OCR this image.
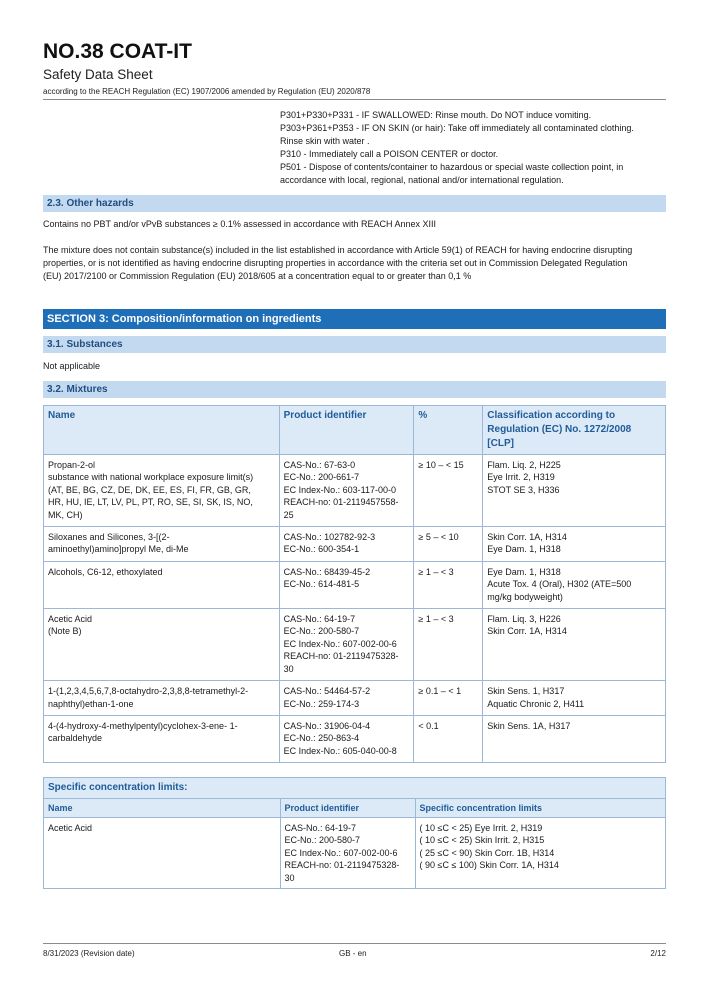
NO.38 COAT-IT
Safety Data Sheet
according to the REACH Regulation (EC) 1907/2006 amended by Regulation (EU) 2020/878
P301+P330+P331 - IF SWALLOWED: Rinse mouth. Do NOT induce vomiting.
P303+P361+P353 - IF ON SKIN (or hair): Take off immediately all contaminated clothing.
Rinse skin with water .
P310 - Immediately call a POISON CENTER or doctor.
P501 - Dispose of contents/container to hazardous or special waste collection point, in
accordance with local, regional, national and/or international regulation.
2.3. Other hazards
Contains no PBT and/or vPvB substances ≥ 0.1% assessed in accordance with REACH Annex XIII
The mixture does not contain substance(s) included in the list established in accordance with Article 59(1) of REACH for having endocrine disrupting
properties, or is not identified as having endocrine disrupting properties in accordance with the criteria set out in Commission Delegated Regulation
(EU) 2017/2100 or Commission Regulation (EU) 2018/605 at a concentration equal to or greater than 0,1 %
SECTION 3: Composition/information on ingredients
3.1. Substances
Not applicable
3.2. Mixtures
Name	Product identifier	%	Classification according to
Regulation (EC) No. 1272/2008
[CLP]

Propan-2-ol
substance with national workplace exposure limit(s)
(AT, BE, BG, CZ, DE, DK, EE, ES, FI, FR, GB, GR,
HR, HU, IE, LT, LV, PL, PT, RO, SE, SI, SK, IS, NO,
MK, CH)	CAS-No.: 67-63-0
EC-No.: 200-661-7
EC Index-No.: 603-117-00-0
REACH-no: 01-2119457558-
25	≥ 10 – < 15	Flam. Liq. 2, H225
Eye Irrit. 2, H319
STOT SE 3, H336

Siloxanes and Silicones, 3-[(2-
aminoethyl)amino]propyl Me, di-Me	CAS-No.: 102782-92-3
EC-No.: 600-354-1	≥ 5 – < 10	Skin Corr. 1A, H314
Eye Dam. 1, H318

Alcohols, C6-12, ethoxylated	CAS-No.: 68439-45-2
EC-No.: 614-481-5	≥ 1 – < 3	Eye Dam. 1, H318
Acute Tox. 4 (Oral), H302 (ATE=500
mg/kg bodyweight)

Acetic Acid
(Note B)	CAS-No.: 64-19-7
EC-No.: 200-580-7
EC Index-No.: 607-002-00-6
REACH-no: 01-2119475328-
30	≥ 1 – < 3	Flam. Liq. 3, H226
Skin Corr. 1A, H314

1-(1,2,3,4,5,6,7,8-octahydro-2,3,8,8-tetramethyl-2-
naphthyl)ethan-1-one	CAS-No.: 54464-57-2
EC-No.: 259-174-3	≥ 0.1 – < 1	Skin Sens. 1, H317
Aquatic Chronic 2, H411

4-(4-hydroxy-4-methylpentyl)cyclohex-3-ene- 1-
carbaldehyde	CAS-No.: 31906-04-4
EC-No.: 250-863-4
EC Index-No.: 605-040-00-8	< 0.1	Skin Sens. 1A, H317
Specific concentration limits:
Name	Product identifier	Specific concentration limits

Acetic Acid	CAS-No.: 64-19-7
EC-No.: 200-580-7
EC Index-No.: 607-002-00-6
REACH-no: 01-2119475328-
30	( 10 ≤C < 25) Eye Irrit. 2, H319
( 10 ≤C < 25) Skin Irrit. 2, H315
( 25 ≤C < 90) Skin Corr. 1B, H314
( 90 ≤C ≤ 100) Skin Corr. 1A, H314
8/31/2023 (Revision date)	GB - en	2/12
